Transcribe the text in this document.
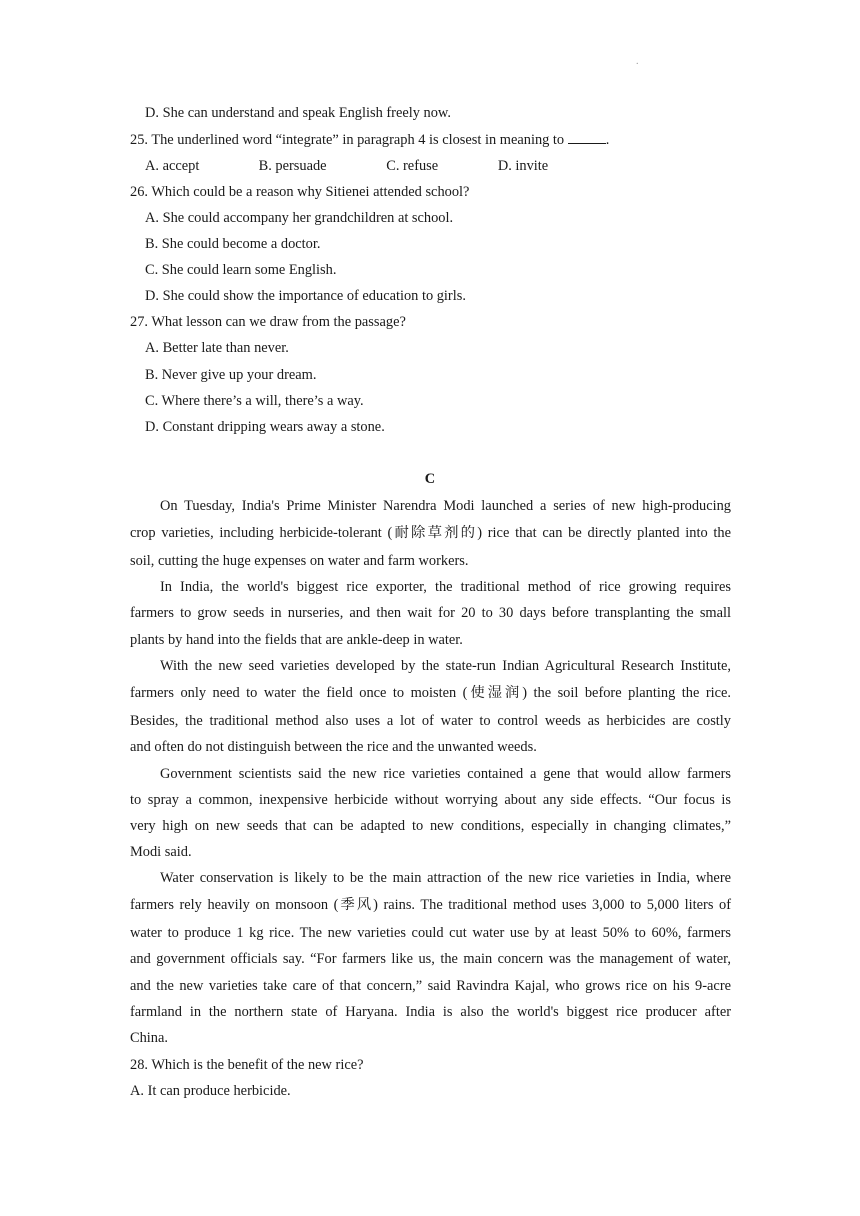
.
D. She can understand and speak English freely now.
25. The underlined word “integrate” in paragraph 4 is closest in meaning to	.
A. accept	B. persuade	C. refuse	D. invite
26. Which could be a reason why Sitienei attended school?
A. She could accompany her grandchildren at school.
B. She could become a doctor.
C. She could learn some English.
D. She could show the importance of education to girls.
27. What lesson can we draw from the passage?
A. Better late than never.
B. Never give up your dream.
C. Where there’s a will, there’s a way.
D. Constant dripping wears away a stone.
C
On Tuesday, India's Prime Minister Narendra Modi launched a series of new high-producing
crop varieties, including herbicide-tolerant (耐除草剂的) rice that can be directly planted into the
soil, cutting the huge expenses on water and farm workers.
In India, the world's biggest rice exporter, the traditional method of rice growing requires
farmers to grow seeds in nurseries, and then wait for 20 to 30 days before transplanting the small
plants by hand into the fields that are ankle-deep in water.
With the new seed varieties developed by the state-run Indian Agricultural Research Institute,
farmers only need to water the field once to moisten (使湿润) the soil before planting the rice.
Besides, the traditional method also uses a lot of water to control weeds as herbicides are costly
and often do not distinguish between the rice and the unwanted weeds.
Government scientists said the new rice varieties contained a gene that would allow farmers
to spray a common, inexpensive herbicide without worrying about any side effects. “Our focus is
very high on new seeds that can be adapted to new conditions, especially in changing climates,”
Modi said.
Water conservation is likely to be the main attraction of the new rice varieties in India, where
farmers rely heavily on monsoon (季风) rains. The traditional method uses 3,000 to 5,000 liters of
water to produce 1 kg rice. The new varieties could cut water use by at least 50% to 60%, farmers
and government officials say. “For farmers like us, the main concern was the management of water,
and the new varieties take care of that concern,” said Ravindra Kajal, who grows rice on his 9-acre
farmland in the northern state of Haryana. India is also the world's biggest rice producer after
China.
28. Which is the benefit of the new rice?
A. It can produce herbicide.
